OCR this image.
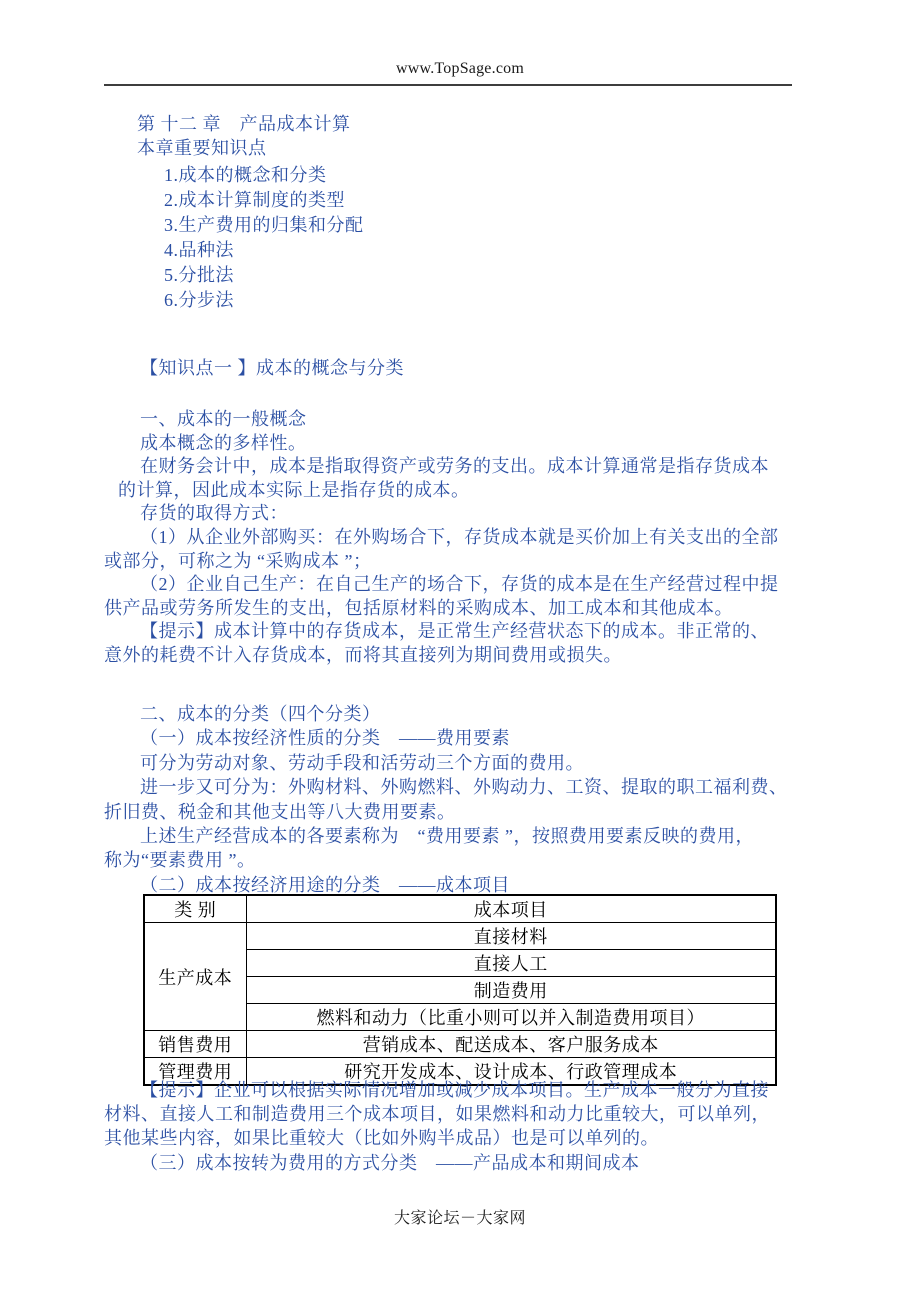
www.TopSage.com
第 十二 章　产品成本计算
本章重要知识点
1.成本的概念和分类
2.成本计算制度的类型
3.生产费用的归集和分配
4.品种法
5.分批法
6.分步法
【知识点一 】成本的概念与分类
一、成本的一般概念
成本概念的多样性。
在财务会计中，成本是指取得资产或劳务的支出。成本计算通常是指存货成本
的计算，因此成本实际上是指存货的成本。
存货的取得方式：
（1）从企业外部购买：在外购场合下，存货成本就是买价加上有关支出的全部
或部分，可称之为 “采购成本 ”；
（2）企业自己生产：在自己生产的场合下，存货的成本是在生产经营过程中提
供产品或劳务所发生的支出，包括原材料的采购成本、加工成本和其他成本。
【提示】成本计算中的存货成本，是正常生产经营状态下的成本。非正常的、
意外的耗费不计入存货成本，而将其直接列为期间费用或损失。
二、成本的分类（四个分类）
（一）成本按经济性质的分类　——费用要素
可分为劳动对象、劳动手段和活劳动三个方面的费用。
进一步又可分为：外购材料、外购燃料、外购动力、工资、提取的职工福利费、
折旧费、税金和其他支出等八大费用要素。
上述生产经营成本的各要素称为　“费用要素 ”，按照费用要素反映的费用，
称为“要素费用 ”。
（二）成本按经济用途的分类　——成本项目
类 别	成本项目
生产成本	直接材料
	直接人工
	制造费用
	燃料和动力（比重小则可以并入制造费用项目）
销售费用	营销成本、配送成本、客户服务成本
管理费用	研究开发成本、设计成本、行政管理成本
【提示】企业可以根据实际情况增加或减少成本项目。生产成本一般分为直接
材料、直接人工和制造费用三个成本项目，如果燃料和动力比重较大，可以单列，
其他某些内容，如果比重较大（比如外购半成品）也是可以单列的。
（三）成本按转为费用的方式分类　——产品成本和期间成本
大家论坛－大家网
